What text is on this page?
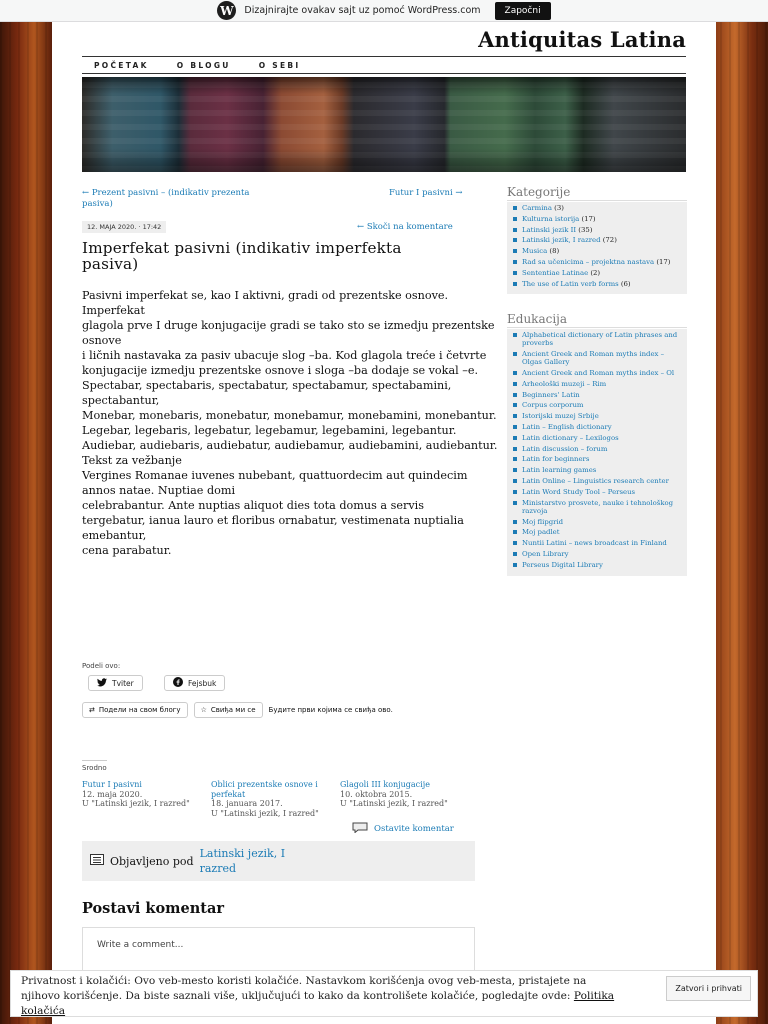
W Dizajnirajte ovakav sajt uz pomoć WordPress.com	Započni
Antiquitas Latina
POČETAK	O BLOGU	O SEBI
← Prezent pasivni – (indikativ prezenta pasiva)
Futur I pasivni →
12. MAJA 2020. · 17:42	← Skoči na komentare
Imperfekat pasivni (indikativ imperfekta pasiva)

Pasivni imperfekat se, kao I aktivni, gradi od prezentske osnove. Imperfekat

glagola prve I druge konjugacije gradi se tako sto se izmedju prezentske osnove

i ličnih nastavaka za pasiv ubacuje slog –ba. Kod glagola treće i četvrte

konjugacije izmedju prezentske osnove i sloga –ba dodaje se vokal –e.

Spectabar, spectabaris, spectabatur, spectabamur, spectabamini, spectabantur,

Monebar, monebaris, monebatur, monebamur, monebamini, monebantur.

Legebar, legebaris, legebatur, legebamur, legebamini, legebantur.

Audiebar, audiebaris, audiebatur, audiebamur, audiebamini, audiebantur.

Tekst za vežbanje

Vergines Romanae iuvenes nubebant, quattuordecim aut quindecim annos natae. Nuptiae domi

celebrabantur. Ante nuptias aliquot dies tota domus a servis

tergebatur, ianua lauro et floribus ornabatur, vestimenata nuptialia emebantur,

cena parabatur.

Podeli ovo:
Tviter	Fejsbuk
⇄ Подели на свом блогу	☆ Свиђа ми се Будите први којима се свиђа ово.
Srodno
Futur I pasivni
12. maja 2020.
U "Latinski jezik, I razred"
Oblici prezentske osnove i perfekat
18. januara 2017.
U "Latinski jezik, I razred"
Glagoli III konjugacije
10. oktobra 2015.
U "Latinski jezik, I razred"
Objavljeno pod
Latinski jezik, I razred
Ostavite komentar
Postavi komentar
Write a comment...
Kategorije
Carmina (3)
Kulturna istorija (17)
Latinski jezik II (35)
Latinski jezik, I razred (72)
Musica (8)
Rad sa učenicima – projektna nastava (17)
Sententiae Latinae (2)
The use of Latin verb forms (6)
Edukacija
Alphabetical dictionary of Latin phrases and proverbs
Ancient Greek and Roman myths index – Olgas Gallery
Ancient Greek and Roman myths index – Ol
Arheološki muzeji – Rim
Beginners' Latin
Corpus corporum
Istorijski muzej Srbije
Latin – English dictionary
Latin dictionary – Lexilogos
Latin discussion – forum
Latin for beginners
Latin learning games
Latin Online – Linguistics research center
Latin Word Study Tool – Perseus
Ministarstvo prosvete, nauke i tehnološkog razvoja
Moj flipgrid
Moj padlet
Nuntii Latini – news broadcast in Finland
Open Library
Perseus Digital Library
Privatnost i kolačići: Ovo veb-mesto koristi kolačiće. Nastavkom korišćenja ovog veb-mesta, pristajete na njihovo korišćenje. Da biste saznali više, uključujući to kako da kontrolišete kolačiće, pogledajte ovde: Politika kolačića
Zatvori i prihvati
